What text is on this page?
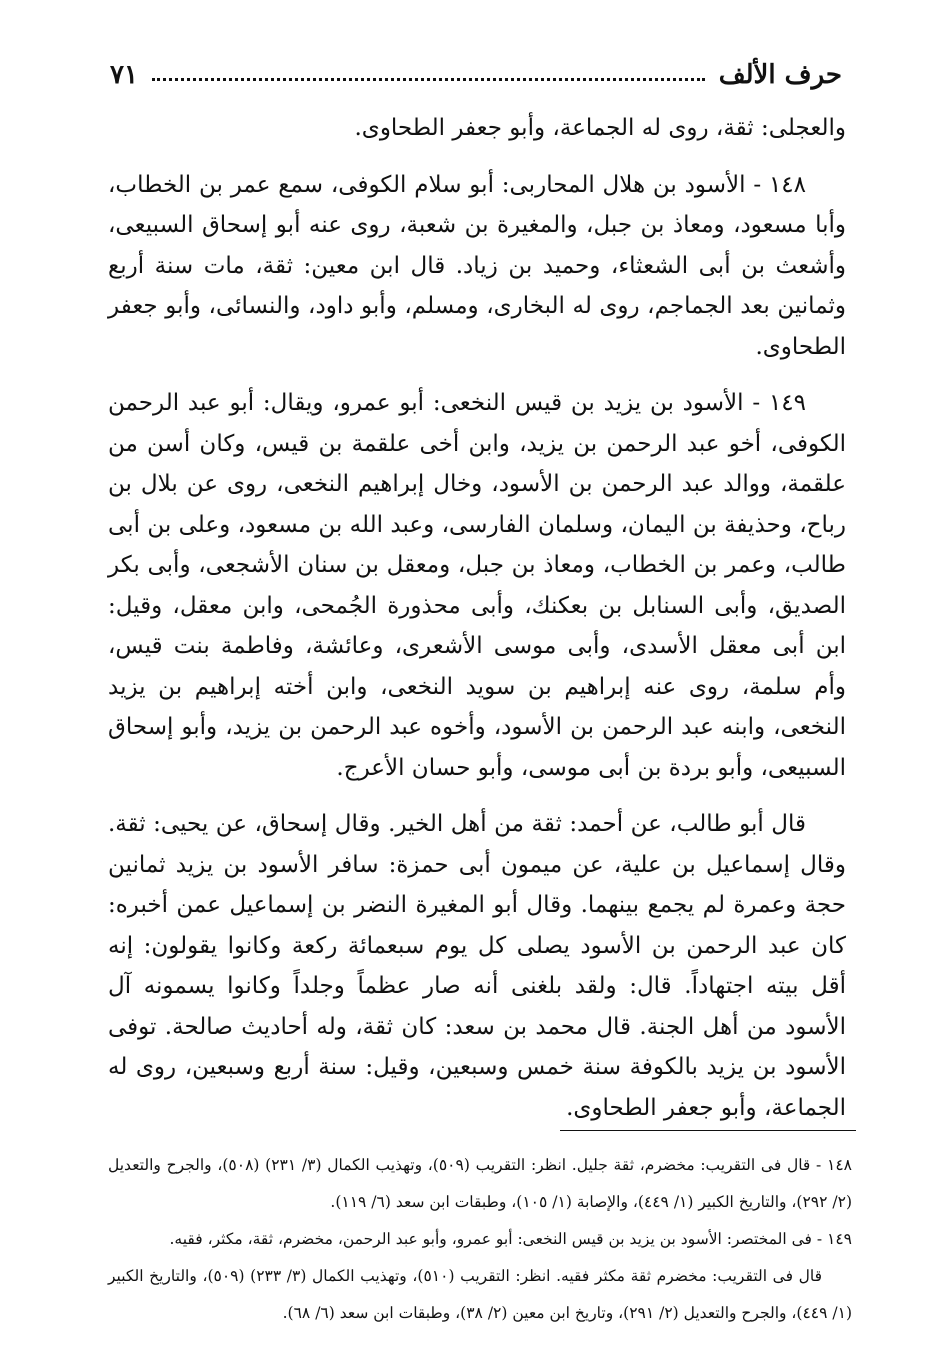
حرف الألف
٧١

والعجلى: ثقة، روى له الجماعة، وأبو جعفر الطحاوى.

١٤٨ - الأسود بن هلال المحاربى: أبو سلام الكوفى، سمع عمر بن الخطاب، وأبا مسعود، ومعاذ بن جبل، والمغيرة بن شعبة، روى عنه أبو إسحاق السبيعى، وأشعث بن أبى الشعثاء، وحميد بن زياد. قال ابن معين: ثقة، مات سنة أربع وثمانين بعد الجماجم، روى له البخارى، ومسلم، وأبو داود، والنسائى، وأبو جعفر الطحاوى.

١٤٩ - الأسود بن يزيد بن قيس النخعى: أبو عمرو، ويقال: أبو عبد الرحمن الكوفى، أخو عبد الرحمن بن يزيد، وابن أخى علقمة بن قيس، وكان أسن من علقمة، ووالد عبد الرحمن بن الأسود، وخال إبراهيم النخعى، روى عن بلال بن رباح، وحذيفة بن اليمان، وسلمان الفارسى، وعبد الله بن مسعود، وعلى بن أبى طالب، وعمر بن الخطاب، ومعاذ بن جبل، ومعقل بن سنان الأشجعى، وأبى بكر الصديق، وأبى السنابل بن بعكنك، وأبى محذورة الجُمحى، وابن معقل، وقيل: ابن أبى معقل الأسدى، وأبى موسى الأشعرى، وعائشة، وفاطمة بنت قيس، وأم سلمة، روى عنه إبراهيم بن سويد النخعى، وابن أخته إبراهيم بن يزيد النخعى، وابنه عبد الرحمن بن الأسود، وأخوه عبد الرحمن بن يزيد، وأبو إسحاق السبيعى، وأبو بردة بن أبى موسى، وأبو حسان الأعرج.

قال أبو طالب، عن أحمد: ثقة من أهل الخير. وقال إسحاق، عن يحيى: ثقة. وقال إسماعيل بن علية، عن ميمون أبى حمزة: سافر الأسود بن يزيد ثمانين حجة وعمرة لم يجمع بينهما. وقال أبو المغيرة النضر بن إسماعيل عمن أخبره: كان عبد الرحمن بن الأسود يصلى كل يوم سبعمائة ركعة وكانوا يقولون: إنه أقل بيته اجتهاداً. قال: ولقد بلغنى أنه صار عظماً وجلداً وكانوا يسمونه آل الأسود من أهل الجنة. قال محمد بن سعد: كان ثقة، وله أحاديث صالحة. توفى الأسود بن يزيد بالكوفة سنة خمس وسبعين، وقيل: سنة أربع وسبعين، روى له الجماعة، وأبو جعفر الطحاوى.

١٤٨ - قال فى التقريب: مخضرم، ثقة جليل. انظر: التقريب (٥٠٩)، وتهذيب الكمال (٣/ ٢٣١) (٥٠٨)، والجرح والتعديل (٢/ ٢٩٢)، والتاريخ الكبير (١/ ٤٤٩)، والإصابة (١/ ١٠٥)، وطبقات ابن سعد (٦/ ١١٩).

١٤٩ - فى المختصر: الأسود بن يزيد بن قيس النخعى: أبو عمرو، وأبو عبد الرحمن، مخضرم، ثقة، مكثر، فقيه.

قال فى التقريب: مخضرم ثقة مكثر فقيه. انظر: التقريب (٥١٠)، وتهذيب الكمال (٣/ ٢٣٣) (٥٠٩)، والتاريخ الكبير (١/ ٤٤٩)، والجرح والتعديل (٢/ ٢٩١)، وتاريخ ابن معين (٢/ ٣٨)، وطبقات ابن سعد (٦/ ٦٨).
